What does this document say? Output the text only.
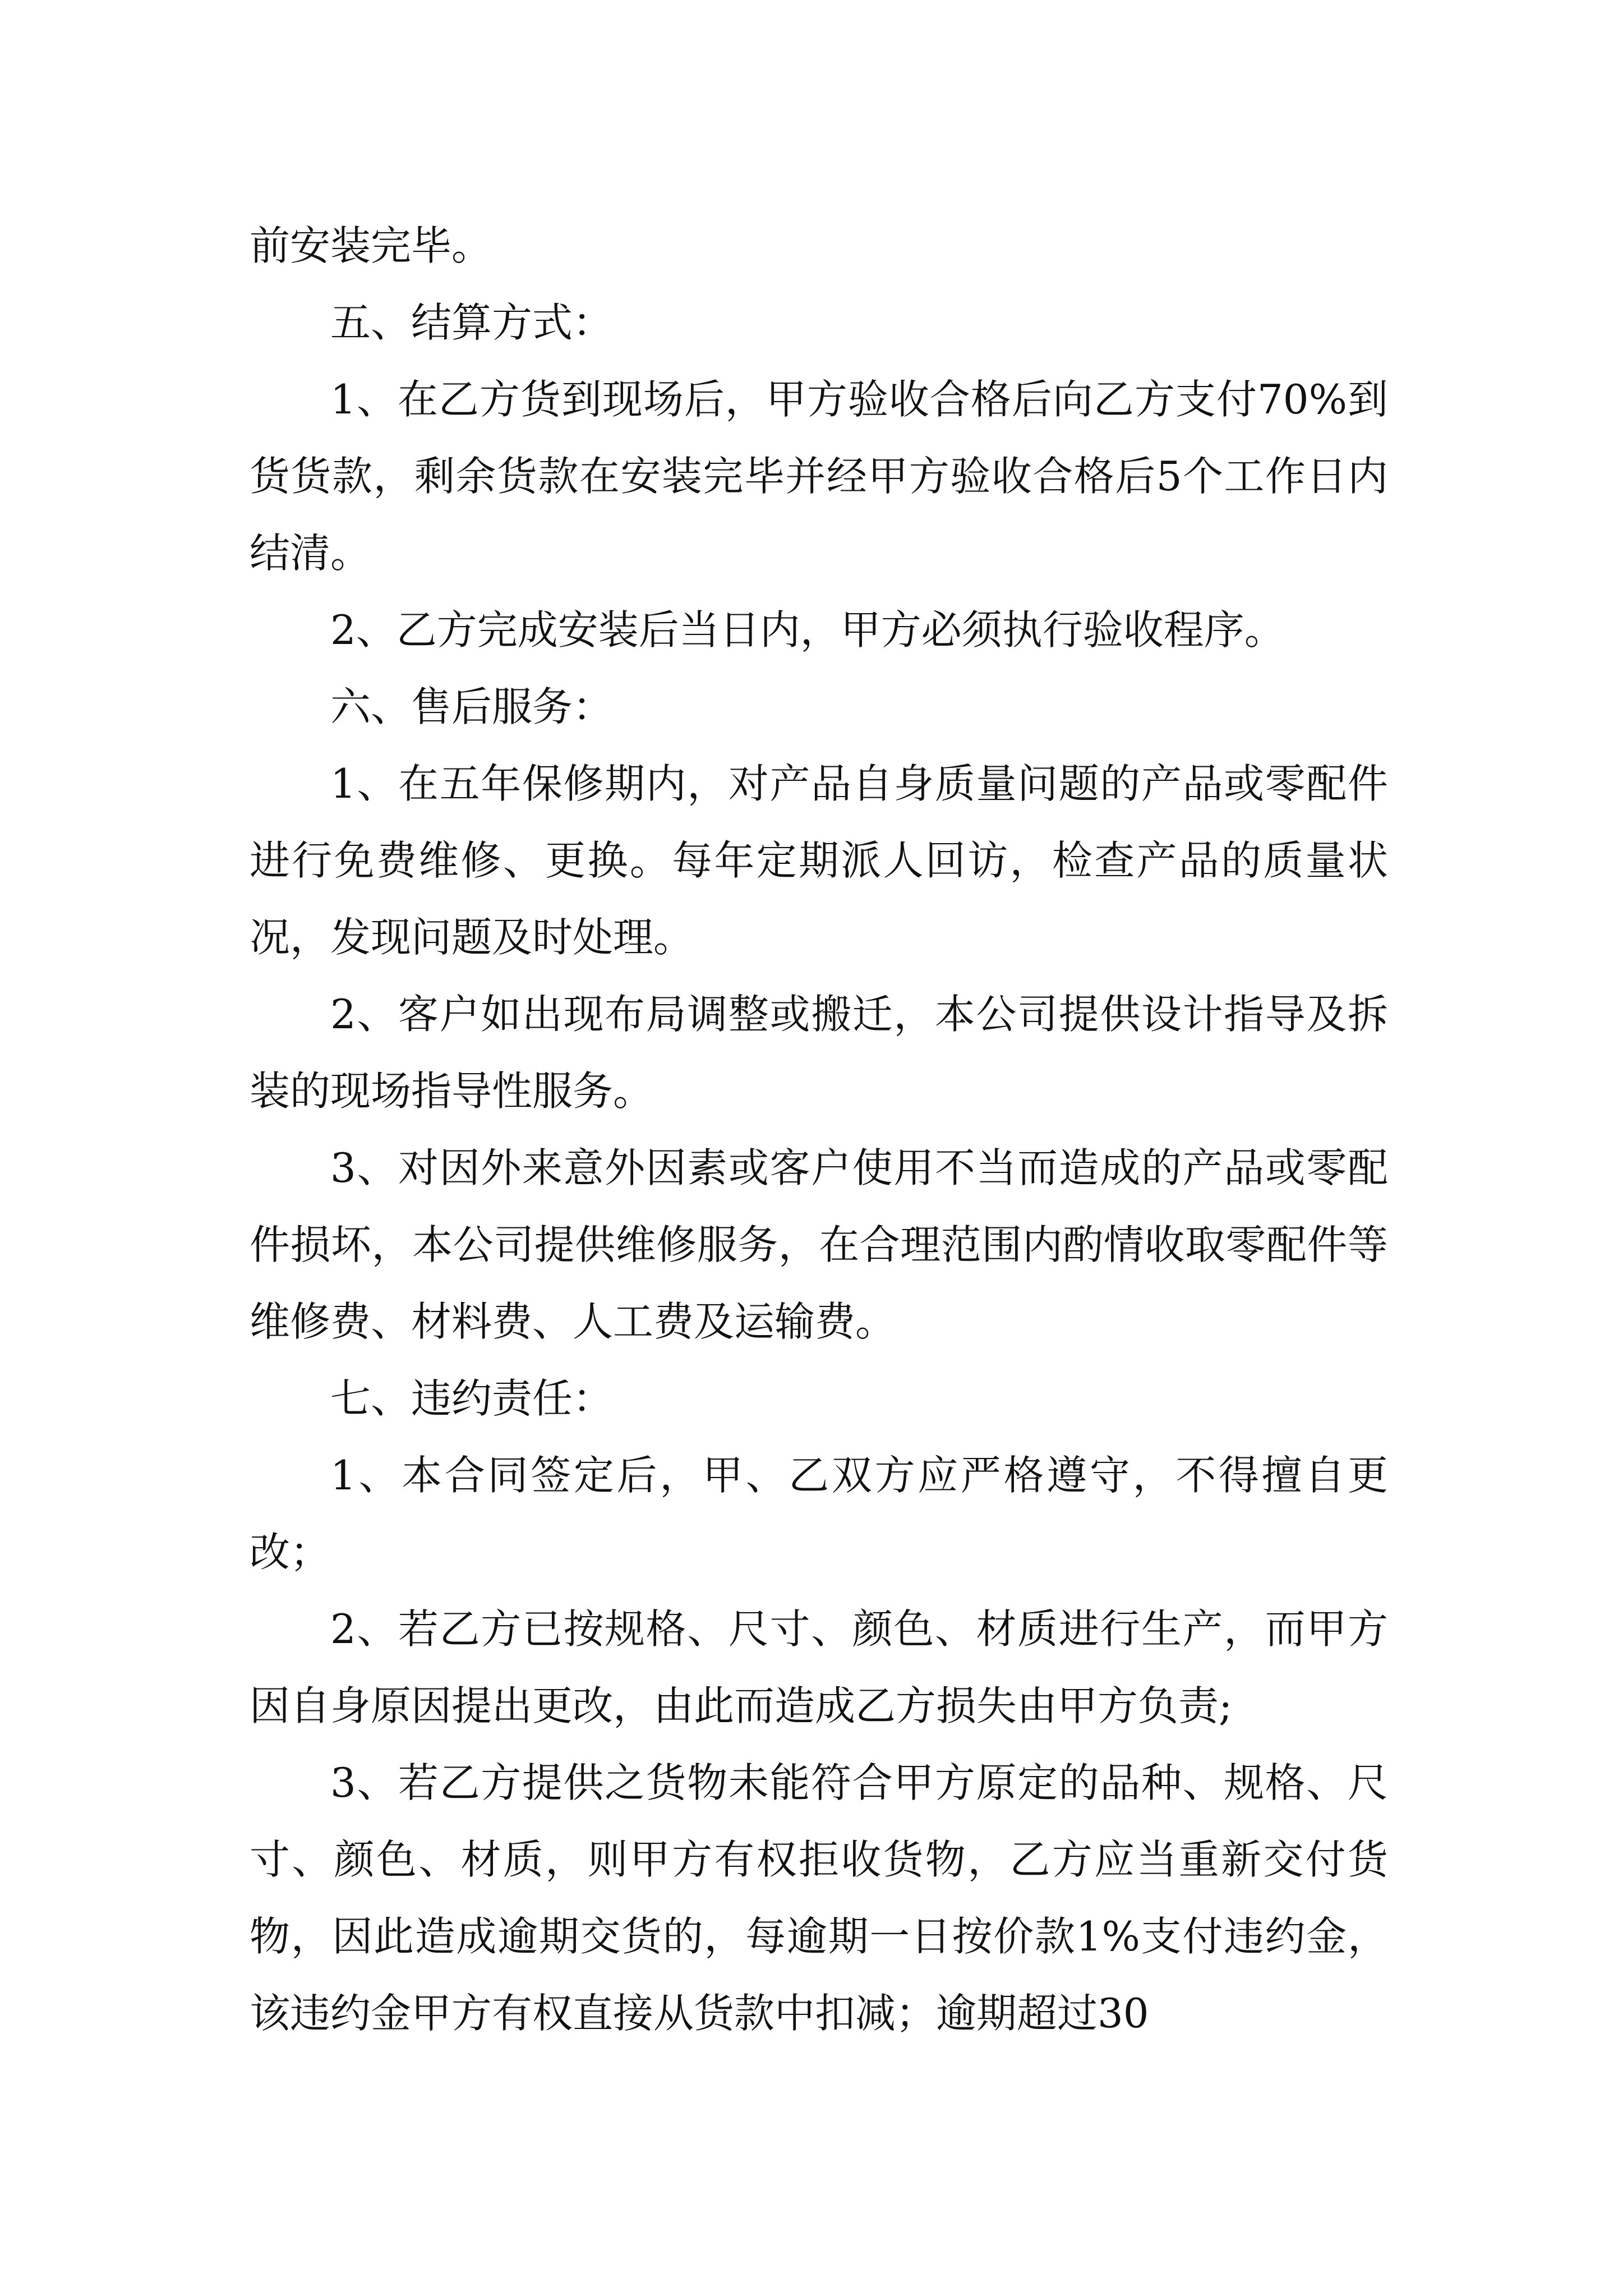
前安装完毕。

五、结算方式：

1、在乙方货到现场后，甲方验收合格后向乙方支付70%到货货款，剩余货款在安装完毕并经甲方验收合格后5个工作日内结清。

2、乙方完成安装后当日内，甲方必须执行验收程序。

六、售后服务：

1、在五年保修期内，对产品自身质量问题的产品或零配件进行免费维修、更换。每年定期派人回访，检查产品的质量状况，发现问题及时处理。

2、客户如出现布局调整或搬迁，本公司提供设计指导及拆装的现场指导性服务。

3、对因外来意外因素或客户使用不当而造成的产品或零配件损坏，本公司提供维修服务，在合理范围内酌情收取零配件等维修费、材料费、人工费及运输费。

七、违约责任：

1、本合同签定后，甲、乙双方应严格遵守，不得擅自更改；

2、若乙方已按规格、尺寸、颜色、材质进行生产，而甲方因自身原因提出更改，由此而造成乙方损失由甲方负责;

3、若乙方提供之货物未能符合甲方原定的品种、规格、尺寸、颜色、材质，则甲方有权拒收货物，乙方应当重新交付货物，因此造成逾期交货的，每逾期一日按价款1%支付违约金，该违约金甲方有权直接从货款中扣减；逾期超过30
